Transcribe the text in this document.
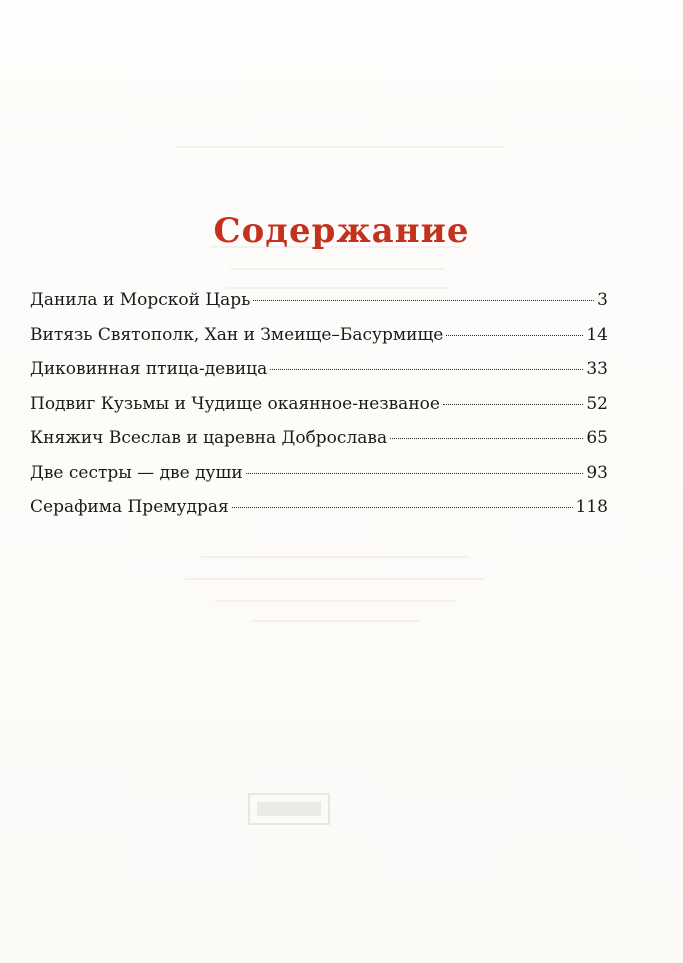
Содержание
Данила и Морской Царь	3
Витязь Святополк, Хан и Змеище–Басурмище	14
Диковинная птица-девица	33
Подвиг Кузьмы и Чудище окаянное-незваное	52
Княжич Всеслав и царевна Доброслава	65
Две сестры — две души	93
Серафима Премудрая	118
